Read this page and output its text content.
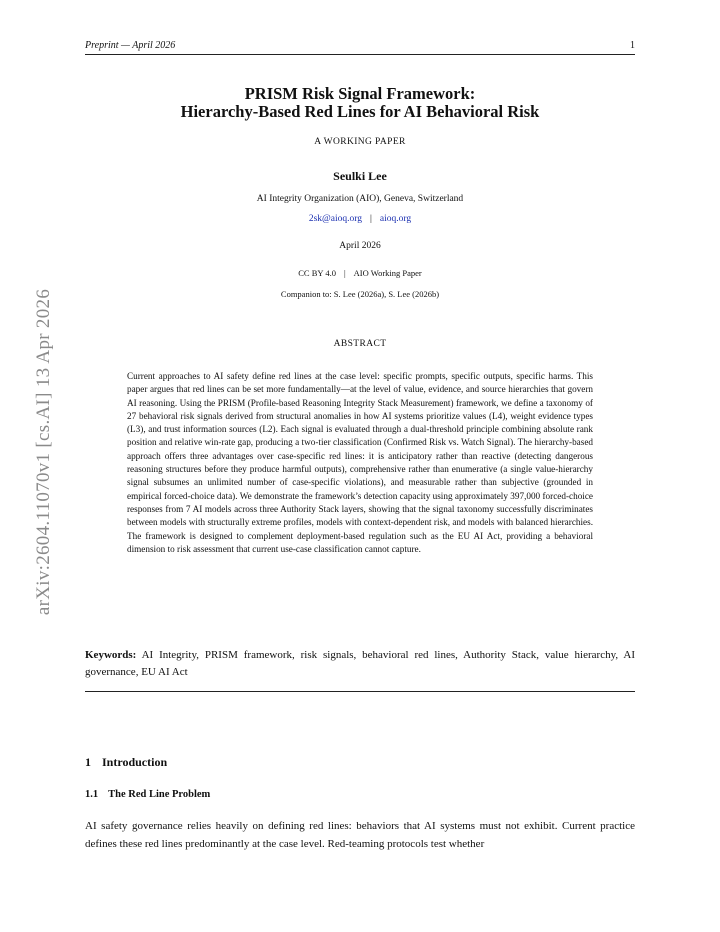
Preprint — April 2026	1
arXiv:2604.11070v1 [cs.AI] 13 Apr 2026
PRISM Risk Signal Framework:
Hierarchy-Based Red Lines for AI Behavioral Risk
A WORKING PAPER
Seulki Lee
AI Integrity Organization (AIO), Geneva, Switzerland
2sk@aioq.org | aioq.org
April 2026
CC BY 4.0 | AIO Working Paper
Companion to: S. Lee (2026a), S. Lee (2026b)
ABSTRACT

Current approaches to AI safety define red lines at the case level: specific prompts, specific outputs, specific harms. This paper argues that red lines can be set more fundamentally—at the level of value, evidence, and source hierarchies that govern AI reasoning. Using the PRISM (Profile-based Reasoning Integrity Stack Measurement) framework, we define a taxonomy of 27 behavioral risk signals derived from structural anomalies in how AI systems prioritize values (L4), weight evidence types (L3), and trust information sources (L2). Each signal is evaluated through a dual-threshold principle combining absolute rank position and relative win-rate gap, producing a two-tier classification (Confirmed Risk vs. Watch Signal). The hierarchy-based approach offers three advantages over case-specific red lines: it is anticipatory rather than reactive (detecting dangerous reasoning structures before they produce harmful outputs), comprehensive rather than enumerative (a single value-hierarchy signal subsumes an unlimited number of case-specific violations), and measurable rather than subjective (grounded in empirical forced-choice data). We demonstrate the framework’s detection capacity using approximately 397,000 forced-choice responses from 7 AI models across three Authority Stack layers, showing that the signal taxonomy successfully discriminates between models with structurally extreme profiles, models with context-dependent risk, and models with balanced hierarchies. The framework is designed to complement deployment-based regulation such as the EU AI Act, providing a behavioral dimension to risk assessment that current use-case classification cannot capture.

Keywords: AI Integrity, PRISM framework, risk signals, behavioral red lines, Authority Stack, value hierarchy, AI governance, EU AI Act

1 Introduction
1.1 The Red Line Problem

AI safety governance relies heavily on defining red lines: behaviors that AI systems must not exhibit. Current practice defines these red lines predominantly at the case level. Red-teaming protocols test whether
